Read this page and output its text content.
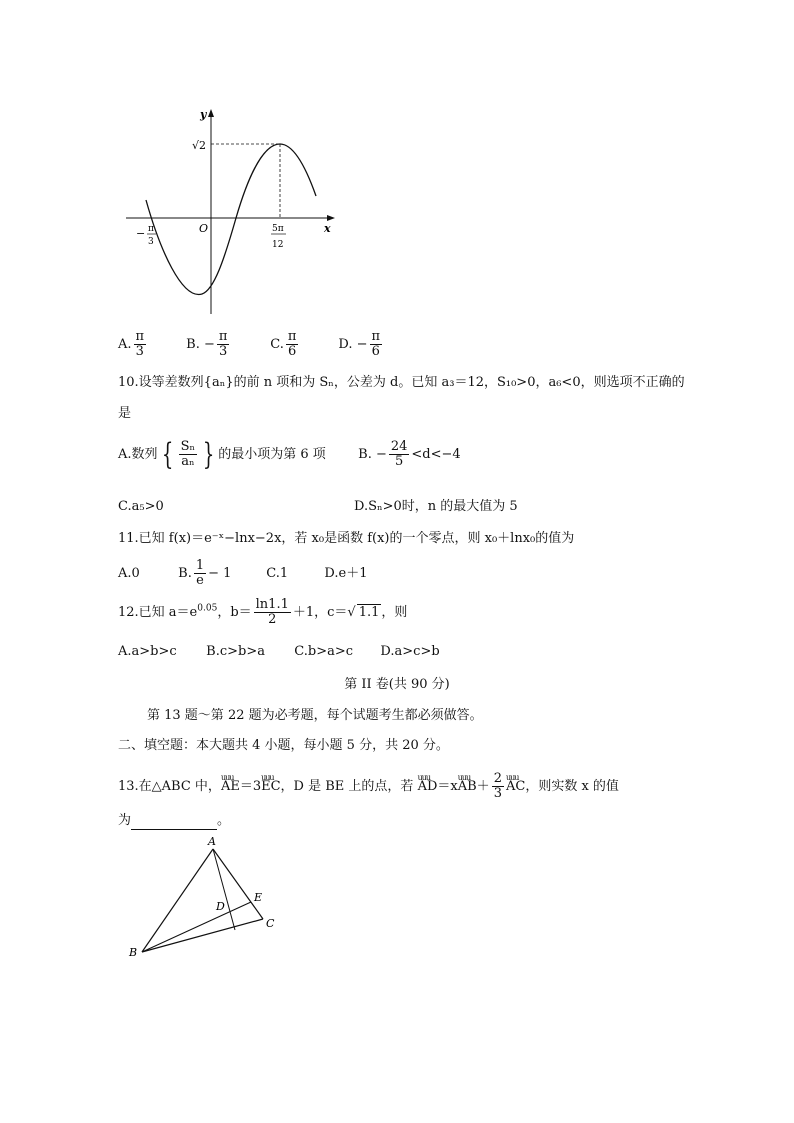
y
x
O
√2
− π
3
5π
12
A. $\frac{\pi}{3}$	B. − $\frac{\pi}{3}$	C. $\frac{\pi}{6}$	D. − $\frac{\pi}{6}$
10.设等差数列{aₙ}的前 n 项和为 Sₙ，公差为 d。已知 a₃＝12，S₁₀>0，a₆<0，则选项不正确的
是
A.数列 { $\frac{\text{Sₙ}}{\text{aₙ}}$ } 的最小项为第 6 项 B. − $\frac{24}{5} <d<-4$
C.a₅>0	D.Sₙ>0时，n 的最大值为 5
11.已知 f(x)＝e⁻ˣ−lnx−2x，若 x₀是函数 f(x)的一个零点，则 x₀＋lnx₀的值为
A.0	B. $\frac{1}{e} - 1$	C.1	D.e＋1
12.已知 $a=e^{0.05}$，$b= \frac{\ln 1.1}{2} +1$，c＝√ 1.1 ，则
A.a>b>c B.c>b>a C.b>a>c D.a>c>b
第 II 卷(共 90 分)
第 13 题～第 22 题为必考题，每个试题考生都必须做答。
二、填空题：本大题共 4 小题，每小题 5 分，共 20 分。
13.在△ABC 中，uuu AE＝3uuu EC，D 是 BE 上的点，若 uuu AD＝xuuu $AB+ \frac{2}{3}$ uuu AC，则实数 x 的值
为	。
A
B
C
D
E
